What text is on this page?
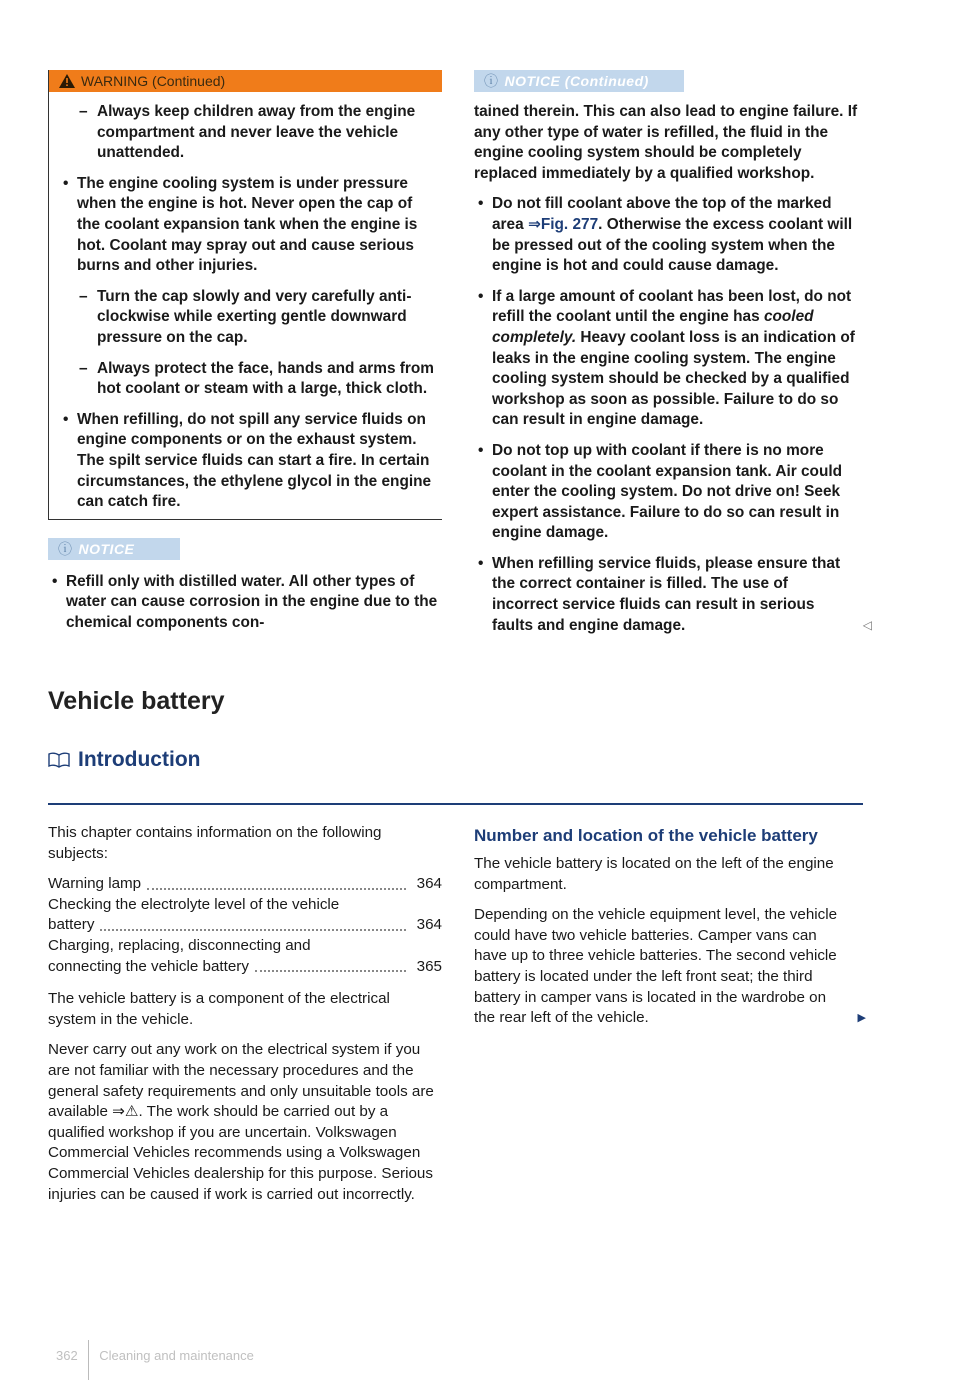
WARNING (Continued)
– Always keep children away from the engine compartment and never leave the vehicle unattended.
• The engine cooling system is under pressure when the engine is hot. Never open the cap of the coolant expansion tank when the engine is hot. Coolant may spray out and cause serious burns and other injuries.
– Turn the cap slowly and very carefully anti-clockwise while exerting gentle downward pressure on the cap.
– Always protect the face, hands and arms from hot coolant or steam with a large, thick cloth.
• When refilling, do not spill any service fluids on engine components or on the exhaust system. The spilt service fluids can start a fire. In certain circumstances, the ethylene glycol in the engine can catch fire.
ⓘ NOTICE
• Refill only with distilled water. All other types of water can cause corrosion in the engine due to the chemical components con-
Vehicle battery
Introduction
This chapter contains information on the following subjects:
Warning lamp	364
Checking the electrolyte level of the vehicle
battery	364
Charging, replacing, disconnecting and
connecting the vehicle battery	365
The vehicle battery is a component of the electrical system in the vehicle.
Never carry out any work on the electrical system if you are not familiar with the necessary procedures and the general safety requirements and only unsuitable tools are available ⇒⚠. The work should be carried out by a qualified workshop if you are uncertain. Volkswagen Commercial Vehicles recommends using a Volkswagen Commercial Vehicles dealership for this purpose. Serious injuries can be caused if work is carried out incorrectly.
ⓘ NOTICE (Continued)
tained therein. This can also lead to engine failure. If any other type of water is refilled, the fluid in the engine cooling system should be completely replaced immediately by a qualified workshop.
• Do not fill coolant above the top of the marked area ⇒Fig. 277. Otherwise the excess coolant will be pressed out of the cooling system when the engine is hot and could cause damage.
• If a large amount of coolant has been lost, do not refill the coolant until the engine has cooled completely. Heavy coolant loss is an indication of leaks in the engine cooling system. The engine cooling system should be checked by a qualified workshop as soon as possible. Failure to do so can result in engine damage.
• Do not top up with coolant if there is no more coolant in the coolant expansion tank. Air could enter the cooling system. Do not drive on! Seek expert assistance. Failure to do so can result in engine damage.
• When refilling service fluids, please ensure that the correct container is filled. The use of incorrect service fluids can result in serious faults and engine damage.	◁
Number and location of the vehicle battery
The vehicle battery is located on the left of the engine compartment.
Depending on the vehicle equipment level, the vehicle could have two vehicle batteries. Camper vans can have up to three vehicle batteries. The second vehicle battery is located under the left front seat; the third battery in camper vans is located in the wardrobe on the rear left of the vehicle.	▶
362 Cleaning and maintenance
